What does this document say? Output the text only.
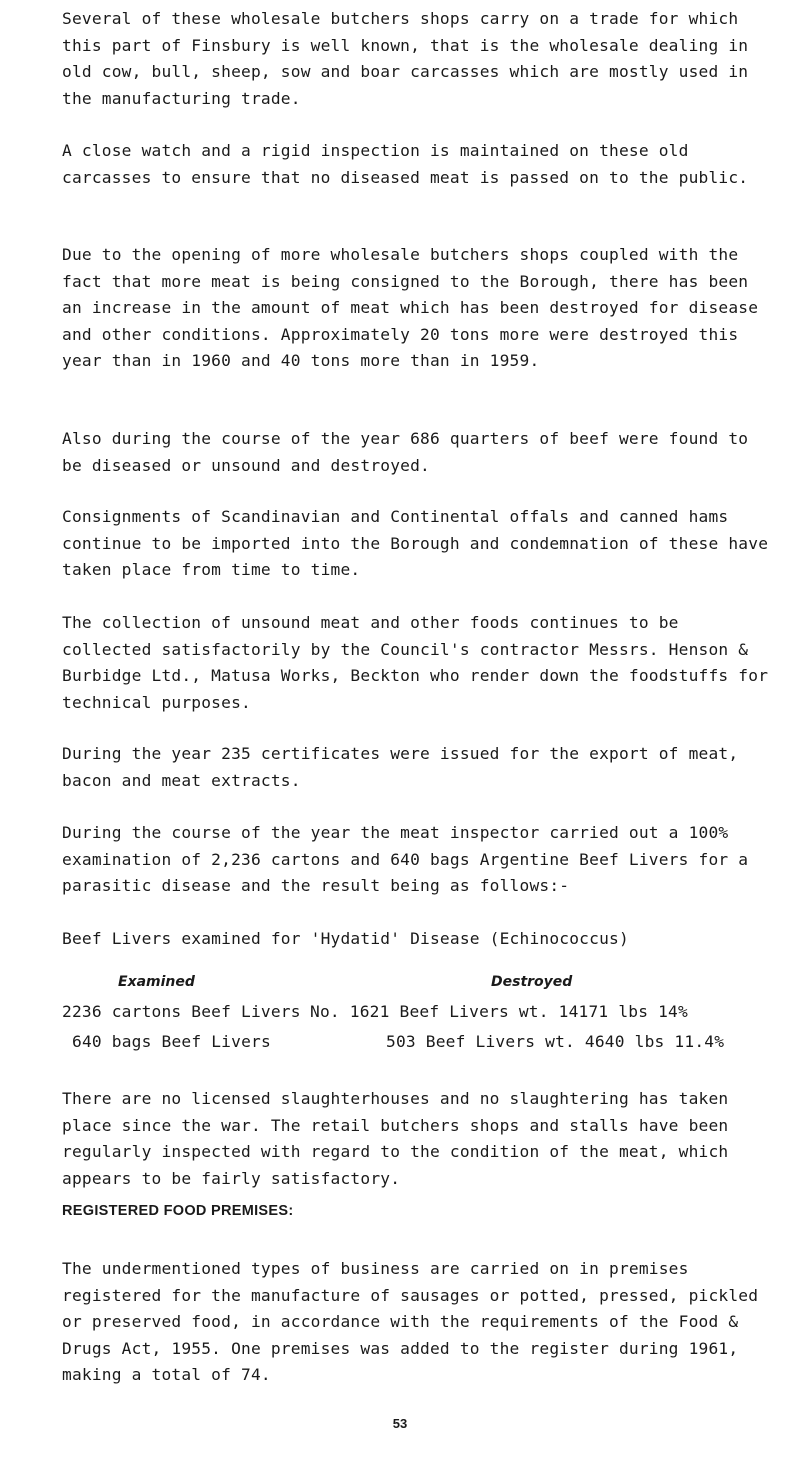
Several of these wholesale butchers shops carry on a trade for which this part of Finsbury is well known, that is the wholesale dealing in old cow, bull, sheep, sow and boar carcasses which are mostly used in the manufacturing trade.

A close watch and a rigid inspection is maintained on these old carcasses to ensure that no diseased meat is passed on to the public.

Due to the opening of more wholesale butchers shops coupled with the fact that more meat is being consigned to the Borough, there has been an increase in the amount of meat which has been destroyed for disease and other conditions. Approximately 20 tons more were destroyed this year than in 1960 and 40 tons more than in 1959.

Also during the course of the year 686 quarters of beef were found to be diseased or unsound and destroyed.

Consignments of Scandinavian and Continental offals and canned hams continue to be imported into the Borough and condemnation of these have taken place from time to time.

The collection of unsound meat and other foods continues to be collected satisfactorily by the Council's contractor Messrs. Henson & Burbidge Ltd., Matusa Works, Beckton who render down the foodstuffs for technical purposes.

During the year 235 certificates were issued for the export of meat, bacon and meat extracts.

During the course of the year the meat inspector carried out a 100% examination of 2,236 cartons and 640 bags Argentine Beef Livers for a parasitic disease and the result being as follows:-

Beef Livers examined for 'Hydatid' Disease (Echinococcus)
Examined	Destroyed
2236 cartons Beef Livers No. 1621 Beef Livers wt. 14171 lbs 14%
640 bags Beef Livers	503 Beef Livers wt. 4640 lbs 11.4%

There are no licensed slaughterhouses and no slaughtering has taken place since the war. The retail butchers shops and stalls have been regularly inspected with regard to the condition of the meat, which appears to be fairly satisfactory.

REGISTERED FOOD PREMISES:

The undermentioned types of business are carried on in premises registered for the manufacture of sausages or potted, pressed, pickled or preserved food, in accordance with the requirements of the Food & Drugs Act, 1955. One premises was added to the register during 1961, making a total of 74.

53
